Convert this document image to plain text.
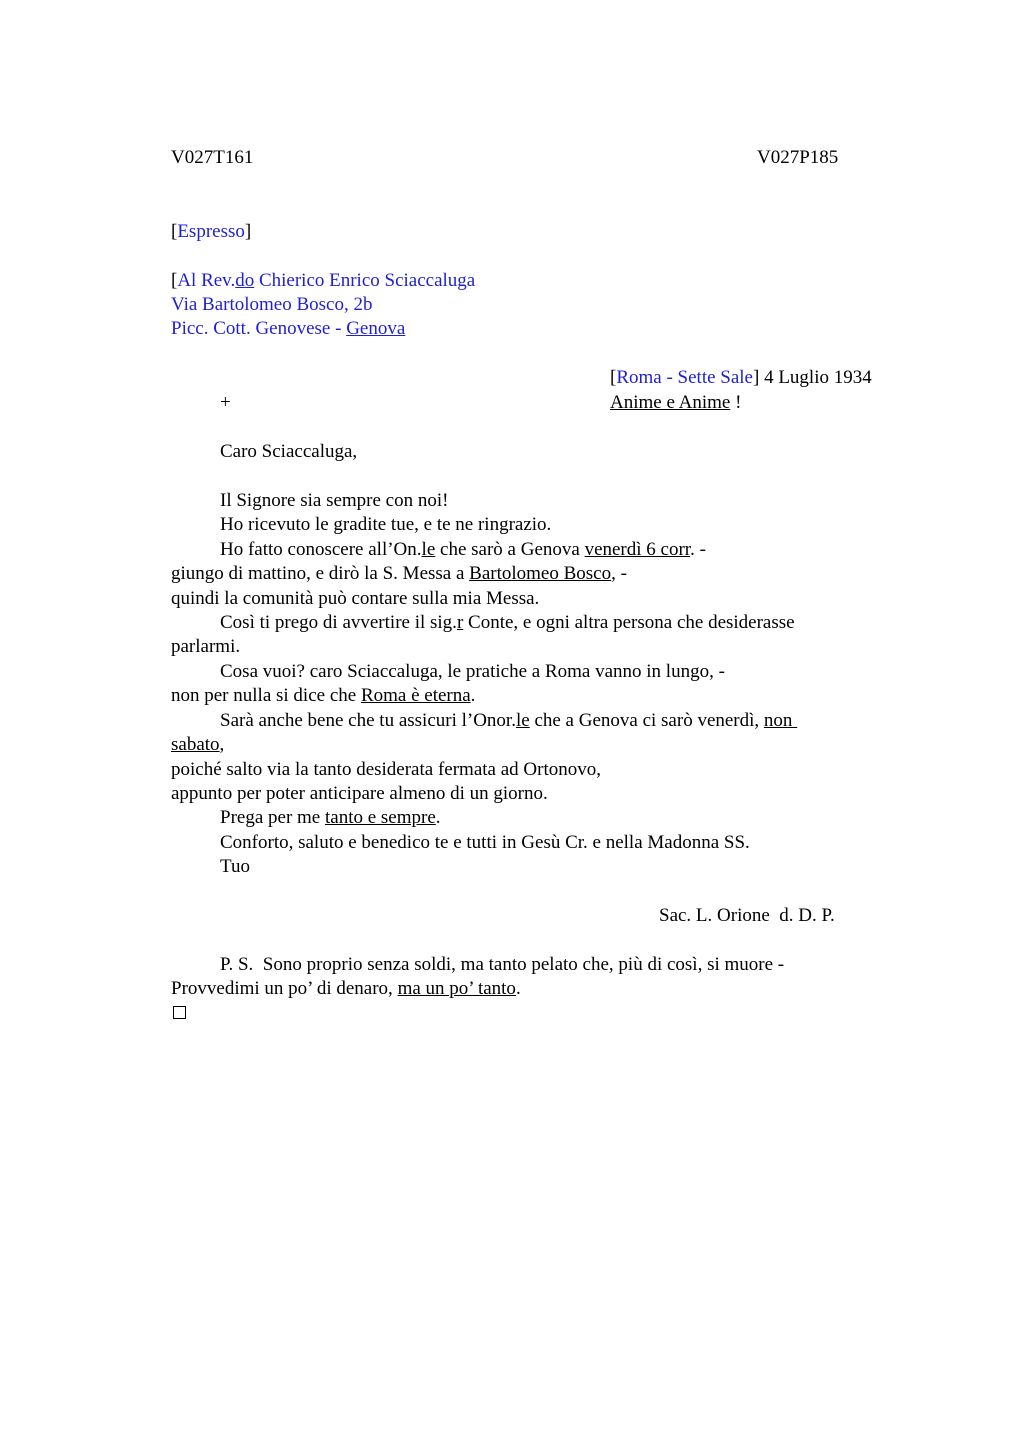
V027T161	V027P185
[Espresso]
[Al Rev.do Chierico Enrico Sciaccaluga
Via Bartolomeo Bosco, 2b
Picc. Cott. Genovese - Genova
[Roma - Sette Sale] 4 Luglio 1934
+	Anime e Anime !
Caro Sciaccaluga,
Il Signore sia sempre con noi!
Ho ricevuto le gradite tue, e te ne ringrazio.
Ho fatto conoscere all’On.le che sarò a Genova venerdì 6 corr. -
giungo di mattino, e dirò la S. Messa a Bartolomeo Bosco, -
quindi la comunità può contare sulla mia Messa.
Così ti prego di avvertire il sig.r Conte, e ogni altra persona che desiderasse
parlarmi.
Cosa vuoi? caro Sciaccaluga, le pratiche a Roma vanno in lungo, -
non per nulla si dice che Roma è eterna.
Sarà anche bene che tu assicuri l’Onor.le che a Genova ci sarò venerdì, non
sabato,
poiché salto via la tanto desiderata fermata ad Ortonovo,
appunto per poter anticipare almeno di un giorno.
Prega per me tanto e sempre.
Conforto, saluto e benedico te e tutti in Gesù Cr. e nella Madonna SS.
Tuo
Sac. L. Orione  d. D. P.
P. S.  Sono proprio senza soldi, ma tanto pelato che, più di così, si muore -
Provvedimi un po’ di denaro, ma un po’ tanto.
